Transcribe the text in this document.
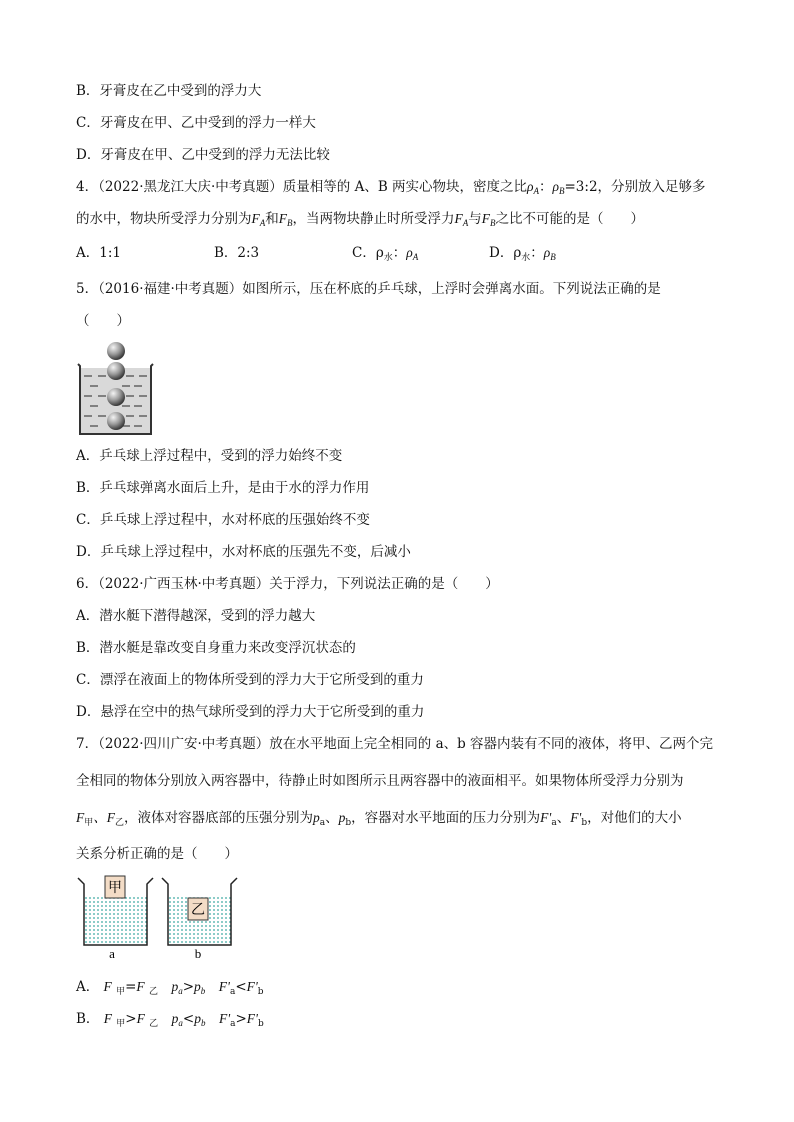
B．牙膏皮在乙中受到的浮力大
C．牙膏皮在甲、乙中受到的浮力一样大
D．牙膏皮在甲、乙中受到的浮力无法比较
4．（2022·黑龙江大庆·中考真题）质量相等的 A、B 两实心物块，密度之比$\rho_A$：$\rho_B=3:2$，分别放入足够多
的水中，物块所受浮力分别为$F_A$和$F_B$，当两物块静止时所受浮力$F_A$与$F_B$之比不可能的是（　　）
A．1:1	B．2:3	C．$\rho_水$：$\rho_A$	D．$\rho_水$：$\rho_B$
5．（2016·福建·中考真题）如图所示，压在杯底的乒乓球，上浮时会弹离水面。下列说法正确的是
（　　）
A．乒乓球上浮过程中，受到的浮力始终不变
B．乒乓球弹离水面后上升，是由于水的浮力作用
C．乒乓球上浮过程中，水对杯底的压强始终不变
D．乒乓球上浮过程中，水对杯底的压强先不变，后减小
6．（2022·广西玉林·中考真题）关于浮力，下列说法正确的是（　　）
A．潜水艇下潜得越深，受到的浮力越大
B．潜水艇是靠改变自身重力来改变浮沉状态的
C．漂浮在液面上的物体所受到的浮力大于它所受到的重力
D．悬浮在空中的热气球所受到的浮力大于它所受到的重力
7．（2022·四川广安·中考真题）放在水平地面上完全相同的 a、b 容器内装有不同的液体，将甲、乙两个完
全相同的物体分别放入两容器中，待静止时如图所示且两容器中的液面相平。如果物体所受浮力分别为
$F_甲$、$F_乙$，液体对容器底部的压强分别为$p_a$、$p_b$，容器对水平地面的压力分别为$F'_a$、$F'_b$，对他们的大小
关系分析正确的是（　　）
甲
a
乙
b
A． F $_甲$=F $_乙$　 $p_a>p_b$　 $F'_a<F'_b$
B． F $_甲$>F $_乙$　 $p_a<p_b$　 $F'_a>F'_b$
